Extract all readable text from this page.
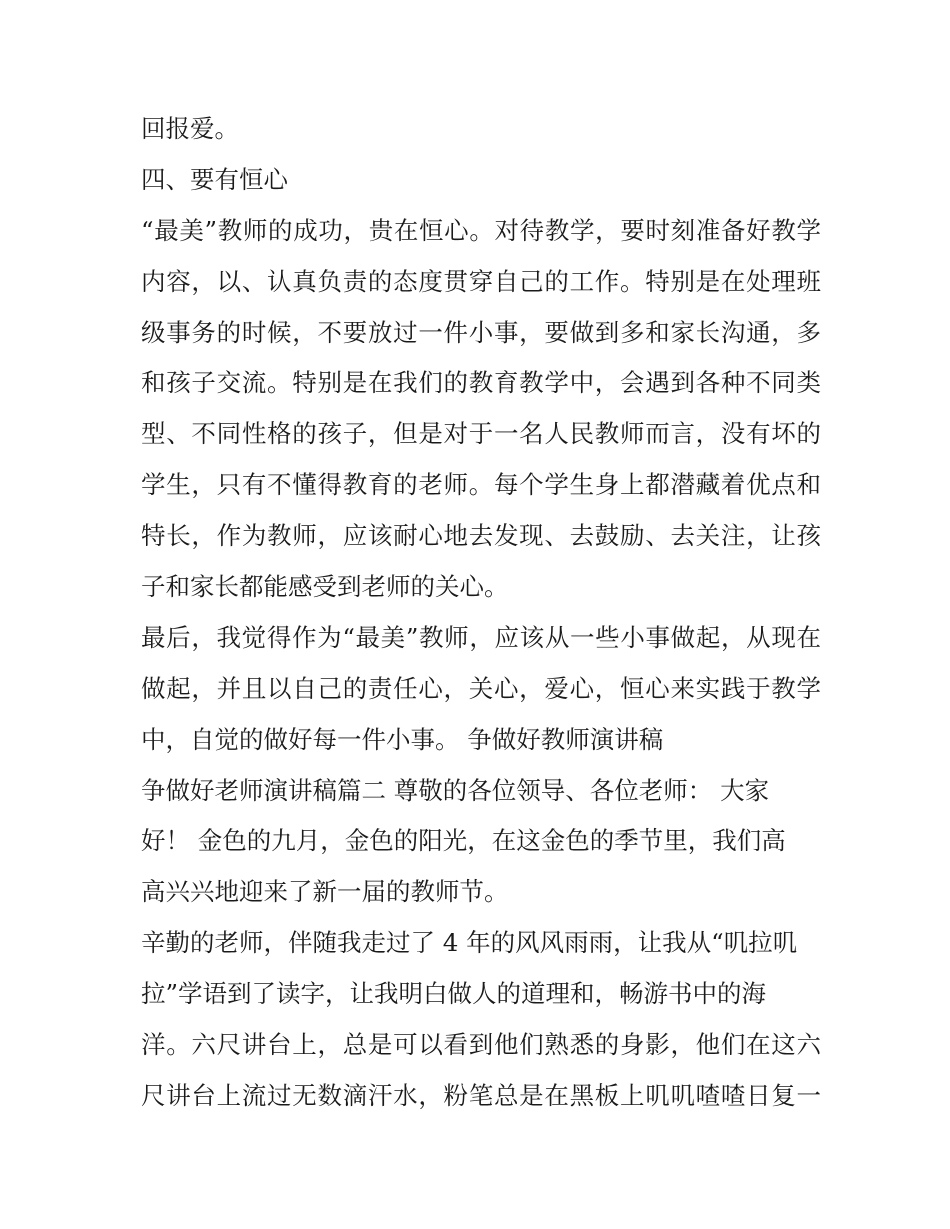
回报爱。
四、要有恒心
“最美”教师的成功，贵在恒心。对待教学，要时刻准备好教学
内容，以、认真负责的态度贯穿自己的工作。特别是在处理班
级事务的时候，不要放过一件小事，要做到多和家长沟通，多
和孩子交流。特别是在我们的教育教学中，会遇到各种不同类
型、不同性格的孩子，但是对于一名人民教师而言，没有坏的
学生，只有不懂得教育的老师。每个学生身上都潜藏着优点和
特长，作为教师，应该耐心地去发现、去鼓励、去关注，让孩
子和家长都能感受到老师的关心。
最后，我觉得作为“最美”教师，应该从一些小事做起，从现在
做起，并且以自己的责任心，关心，爱心，恒心来实践于教学
中，自觉的做好每一件小事。 争做好教师演讲稿
争做好老师演讲稿篇二 尊敬的各位领导、各位老师： 大家
好！ 金色的九月，金色的阳光，在这金色的季节里，我们高
高兴兴地迎来了新一届的教师节。
辛勤的老师，伴随我走过了 4 年的风风雨雨，让我从“叽拉叽
拉”学语到了读字，让我明白做人的道理和，畅游书中的海
洋。六尺讲台上，总是可以看到他们熟悉的身影，他们在这六
尺讲台上流过无数滴汗水，粉笔总是在黑板上叽叽喳喳日复一
